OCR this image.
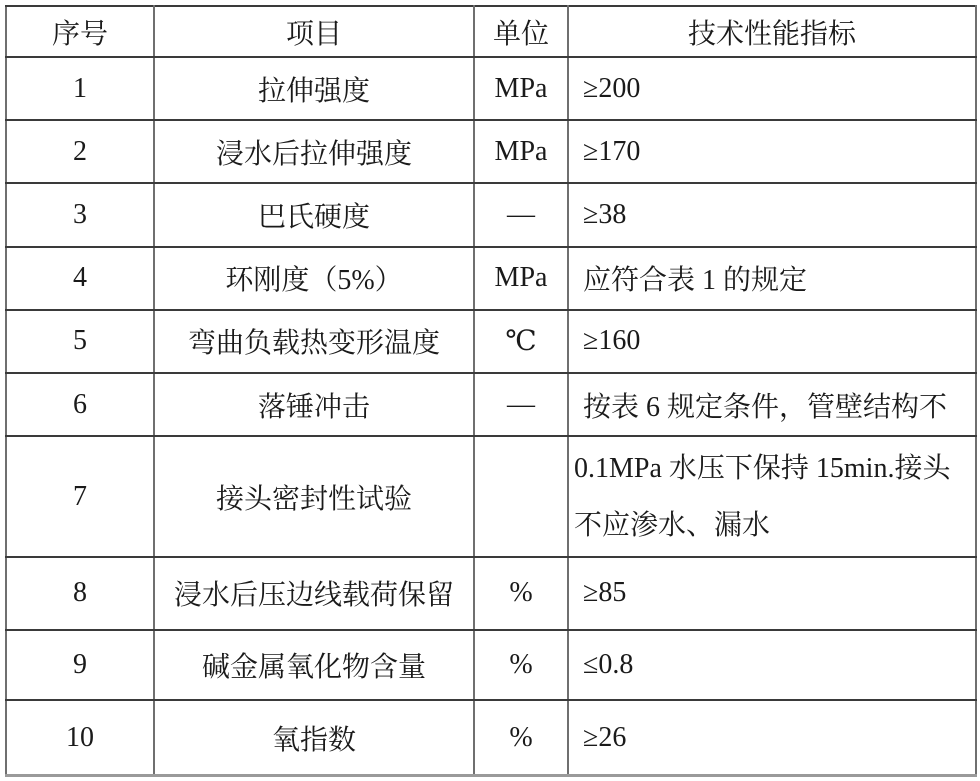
序号	项目	单位	技术性能指标
1	拉伸强度	MPa	≥200

2	浸水后拉伸强度	MPa	≥170

3	巴氏硬度	—	≥38

4	环刚度（5%）	MPa	应符合表 1 的规定

5	弯曲负载热变形温度	℃	≥160

6	落锤冲击	—	按表 6 规定条件，管壁结构不

7	接头密封性试验		0.1MPa 水压下保持 15min.接头
不应渗水、漏水

8	浸水后压边线载荷保留	%	≥85

9	碱金属氧化物含量	%	≤0.8

10	氧指数	%	≥26
